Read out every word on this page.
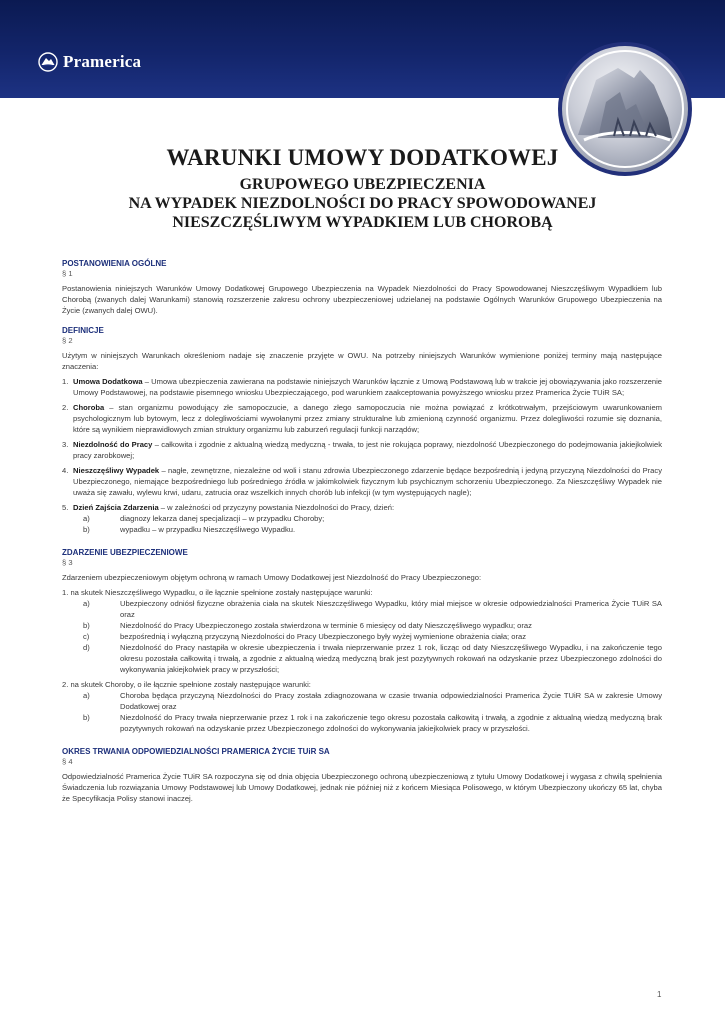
Pramerica
WARUNKI UMOWY DODATKOWEJ
GRUPOWEGO UBEZPIECZENIA
NA WYPADEK NIEZDOLNOŚCI DO PRACY SPOWODOWANEJ
NIESZCZĘŚLIWYM WYPADKIEM LUB CHOROBĄ
POSTANOWIENIA OGÓLNE
§ 1

Postanowienia niniejszych Warunków Umowy Dodatkowej Grupowego Ubezpieczenia na Wypadek Niezdolności do Pracy Spowodowanej Nieszczęśliwym Wypadkiem lub Chorobą (zwanych dalej Warunkami) stanowią rozszerzenie zakresu ochrony ubezpieczeniowej udzielanej na podstawie Ogólnych Warunków Grupowego Ubezpieczenia na Życie (zwanych dalej OWU).

DEFINICJE
§ 2

Użytym w niniejszych Warunkach określeniom nadaje się znaczenie przyjęte w OWU. Na potrzeby niniejszych Warunków wymienione poniżej terminy mają następujące znaczenia:

1. Umowa Dodatkowa – Umowa ubezpieczenia zawierana na podstawie niniejszych Warunków łącznie z Umową Podstawową lub w trakcie jej obowiązywania jako rozszerzenie Umowy Podstawowej, na podstawie pisemnego wniosku Ubezpieczającego, pod warunkiem zaakceptowania powyższego wniosku przez Pramerica Życie TUiR SA;
2. Choroba – stan organizmu powodujący złe samopoczucie, a danego złego samopoczucia nie można powiązać z krótkotrwałym, przejściowym uwarunkowaniem psychologicznym lub bytowym, lecz z dolegliwościami wywołanymi przez zmiany strukturalne lub zmienioną czynność organizmu. Przez dolegliwości rozumie się doznania, które są wynikiem nieprawidłowych zmian struktury organizmu lub zaburzeń regulacji funkcji narządów;
3. Niezdolność do Pracy – całkowita i zgodnie z aktualną wiedzą medyczną - trwała, to jest nie rokująca poprawy, niezdolność Ubezpieczonego do podejmowania jakiejkolwiek pracy zarobkowej;
4. Nieszczęśliwy Wypadek – nagłe, zewnętrzne, niezależne od woli i stanu zdrowia Ubezpieczonego zdarzenie będące bezpośrednią i jedyną przyczyną Niezdolności do Pracy Ubezpieczonego, niemające bezpośredniego lub pośredniego źródła w jakimkolwiek fizycznym lub psychicznym schorzeniu Ubezpieczonego. Za Nieszczęśliwy Wypadek nie uważa się zawału, wylewu krwi, udaru, zatrucia oraz wszelkich innych chorób lub infekcji (w tym występujących nagle);
5. Dzień Zajścia Zdarzenia – w zależności od przyczyny powstania Niezdolności do Pracy, dzień:
a)	diagnozy lekarza danej specjalizacji – w przypadku Choroby;
b)	wypadku – w przypadku Nieszczęśliwego Wypadku.
ZDARZENIE UBEZPIECZENIOWE
§ 3

Zdarzeniem ubezpieczeniowym objętym ochroną w ramach Umowy Dodatkowej jest Niezdolność do Pracy Ubezpieczonego:

1. na skutek Nieszczęśliwego Wypadku, o ile łącznie spełnione zostały następujące warunki:

a)	Ubezpieczony odniósł fizyczne obrażenia ciała na skutek Nieszczęśliwego Wypadku, który miał miejsce w okresie odpowiedzialności Pramerica Życie TUiR SA oraz
b)	Niezdolność do Pracy Ubezpieczonego została stwierdzona w terminie 6 miesięcy od daty Nieszczęśliwego wypadku; oraz
c)	bezpośrednią i wyłączną przyczyną Niezdolności do Pracy Ubezpieczonego były wyżej wymienione obrażenia ciała; oraz
d)	Niezdolność do Pracy nastąpiła w okresie ubezpieczenia i trwała nieprzerwanie przez 1 rok, licząc od daty Nieszczęśliwego Wypadku, i na zakończenie tego okresu pozostała całkowitą i trwałą, a zgodnie z aktualną wiedzą medyczną brak jest pozytywnych rokowań na odzyskanie przez Ubezpieczonego zdolności do wykonywania jakiejkolwiek pracy w przyszłości;

2. na skutek Choroby, o ile łącznie spełnione zostały następujące warunki:

a)	Choroba będąca przyczyną Niezdolności do Pracy została zdiagnozowana w czasie trwania odpowiedzialności Pramerica Życie TUiR SA w zakresie Umowy Dodatkowej oraz
b)	Niezdolność do Pracy trwała nieprzerwanie przez 1 rok i na zakończenie tego okresu pozostała całkowitą i trwałą, a zgodnie z aktualną wiedzą medyczną brak pozytywnych rokowań na odzyskanie przez Ubezpieczonego zdolności do wykonywania jakiejkolwiek pracy w przyszłości.
OKRES TRWANIA ODPOWIEDZIALNOŚCI PRAMERICA ŻYCIE TUiR SA
§ 4

Odpowiedzialność Pramerica Życie TUiR SA rozpoczyna się od dnia objęcia Ubezpieczonego ochroną ubezpieczeniową z tytułu Umowy Dodatkowej i wygasa z chwilą spełnienia Świadczenia lub rozwiązania Umowy Podstawowej lub Umowy Dodatkowej, jednak nie później niż z końcem Miesiąca Polisowego, w którym Ubezpieczony ukończy 65 lat, chyba że Specyfikacja Polisy stanowi inaczej.

1
